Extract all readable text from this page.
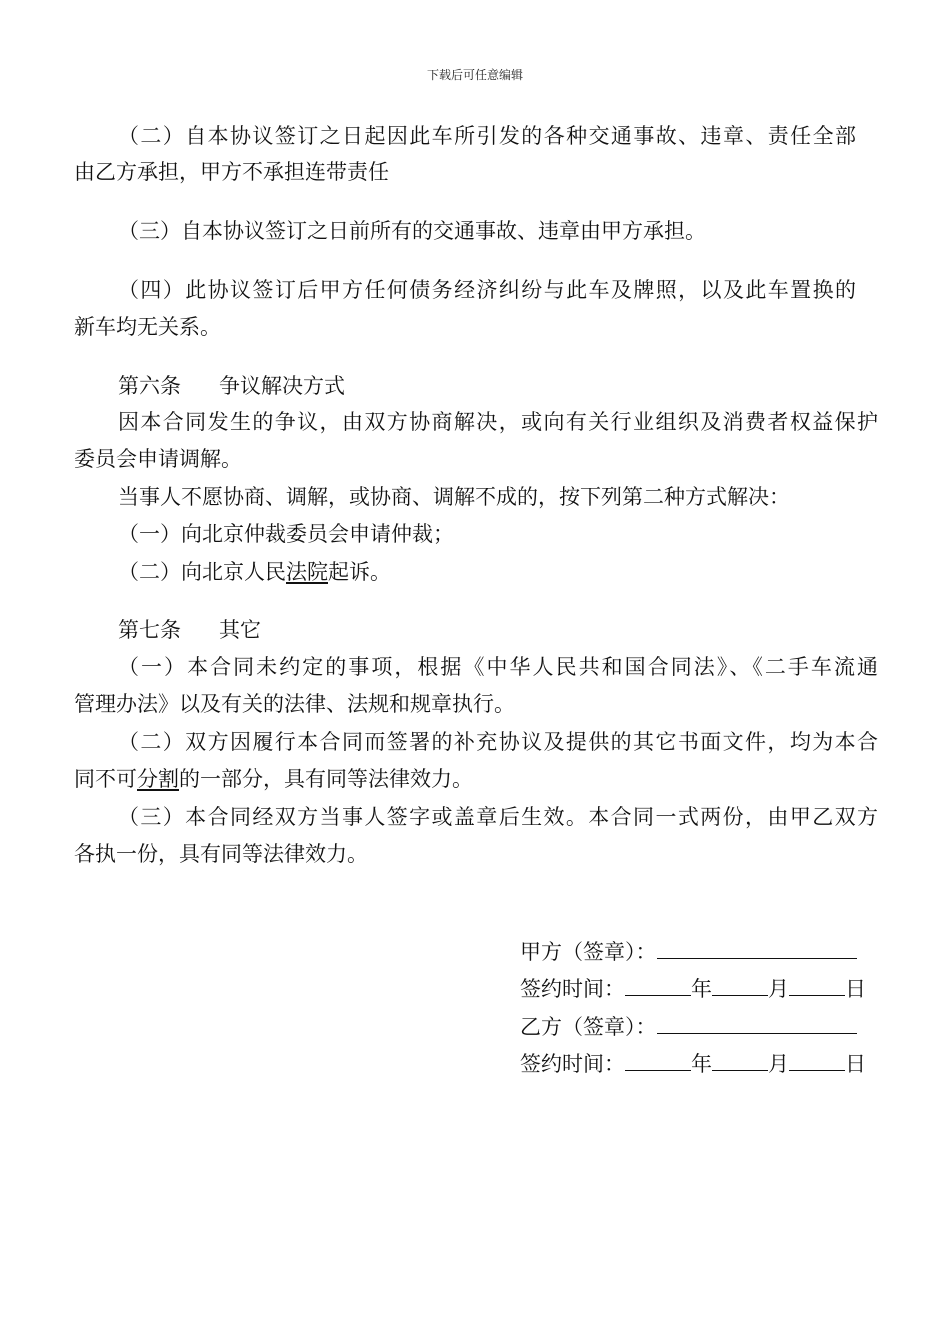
下载后可任意编辑
（二）自本协议签订之日起因此车所引发的各种交通事故、违章、责任全部
由乙方承担，甲方不承担连带责任
（三）自本协议签订之日前所有的交通事故、违章由甲方承担。
（四）此协议签订后甲方任何债务经济纠纷与此车及牌照，以及此车置换的
新车均无关系。
第六条 争议解决方式
因本合同发生的争议，由双方协商解决，或向有关行业组织及消费者权益保护
委员会申请调解。
当事人不愿协商、调解，或协商、调解不成的，按下列第二种方式解决：
（一）向北京仲裁委员会申请仲裁；
（二）向北京人民法院起诉。
第七条 其它
（一）本合同未约定的事项，根据《中华人民共和国合同法》、《二手车流通
管理办法》以及有关的法律、法规和规章执行。
（二）双方因履行本合同而签署的补充协议及提供的其它书面文件，均为本合
同不可分割的一部分，具有同等法律效力。
（三）本合同经双方当事人签字或盖章后生效。本合同一式两份，由甲乙双方
各执一份，具有同等法律效力。
甲方（签章）：
签约时间：	年	月	日
乙方（签章）：
签约时间：	年	月	日
